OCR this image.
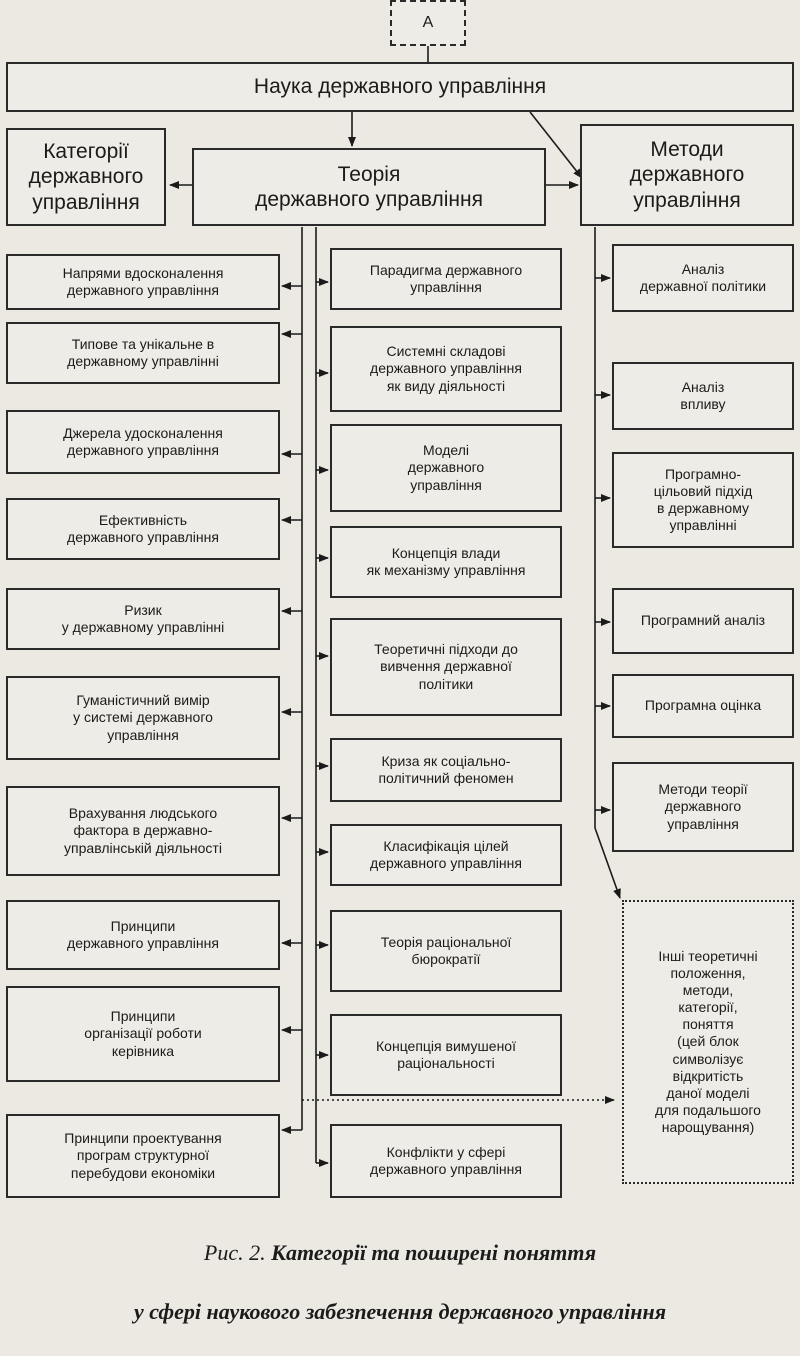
A
Наука державного управління
Категорії
державного
управління
Теорія
державного управління
Методи
державного
управління
Напрями вдосконалення
державного управління
Типове та унікальне в
державному управлінні
Джерела удосконалення
державного управління
Ефективність
державного управління
Ризик
у державному управлінні
Гуманістичний вимір
у системі державного
управління
Врахування людського
фактора в державно-
управлінській діяльності
Принципи
державного управління
Принципи
організації роботи
керівника
Принципи проектування
програм структурної
перебудови економіки
Парадигма державного
управління
Системні складові
державного управління
як виду діяльності
Моделі
державного
управління
Концепція влади
як механізму управління
Теоретичні підходи до
вивчення державної
політики
Криза як соціально-
політичний феномен
Класифікація цілей
державного управління
Теорія раціональної
бюрократії
Концепція вимушеної
раціональності
Конфлікти у сфері
державного управління
Аналіз
державної політики
Аналіз
впливу
Програмно-
цільовий підхід
в державному
управлінні
Програмний аналіз
Програмна оцінка
Методи теорії
державного
управління
Інші теоретичні
положення,
методи,
категорії,
поняття
(цей блок
символізує
відкритість
даної моделі
для подальшого
нарощування)

Рис. 2. Категорії та поширені поняття

у сфері наукового забезпечення державного управління
